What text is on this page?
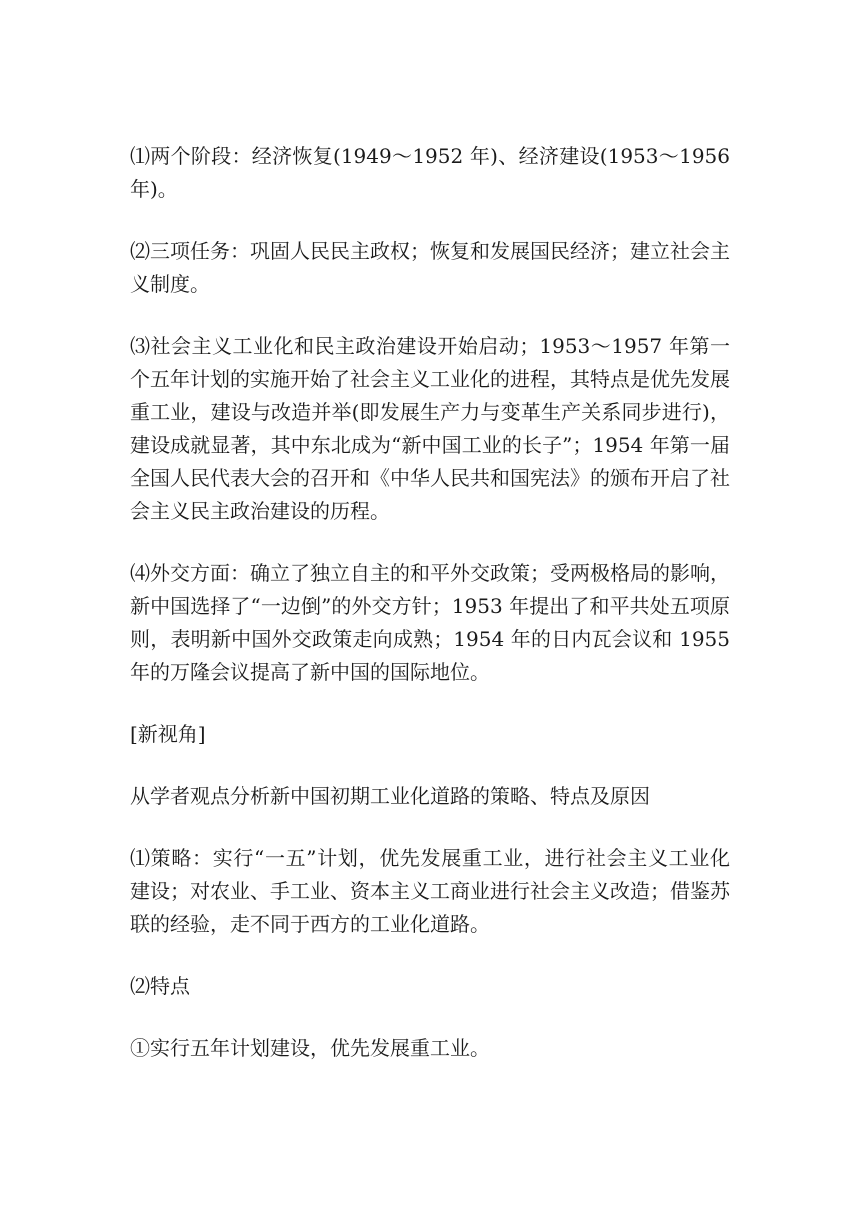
⑴两个阶段：经济恢复(1949～1952 年)、经济建设(1953～1956 年)。

⑵三项任务：巩固人民民主政权；恢复和发展国民经济；建立社会主义制度。

⑶社会主义工业化和民主政治建设开始启动；1953～1957 年第一个五年计划的实施开始了社会主义工业化的进程，其特点是优先发展重工业，建设与改造并举(即发展生产力与变革生产关系同步进行)，建设成就显著，其中东北成为“新中国工业的长子”；1954 年第一届全国人民代表大会的召开和《中华人民共和国宪法》的颁布开启了社会主义民主政治建设的历程。

⑷外交方面：确立了独立自主的和平外交政策；受两极格局的影响，新中国选择了“一边倒”的外交方针；1953 年提出了和平共处五项原则，表明新中国外交政策走向成熟；1954 年的日内瓦会议和 1955 年的万隆会议提高了新中国的国际地位。

[新视角]

从学者观点分析新中国初期工业化道路的策略、特点及原因

⑴策略：实行“一五”计划，优先发展重工业，进行社会主义工业化建设；对农业、手工业、资本主义工商业进行社会主义改造；借鉴苏联的经验，走不同于西方的工业化道路。

⑵特点

①实行五年计划建设，优先发展重工业。
